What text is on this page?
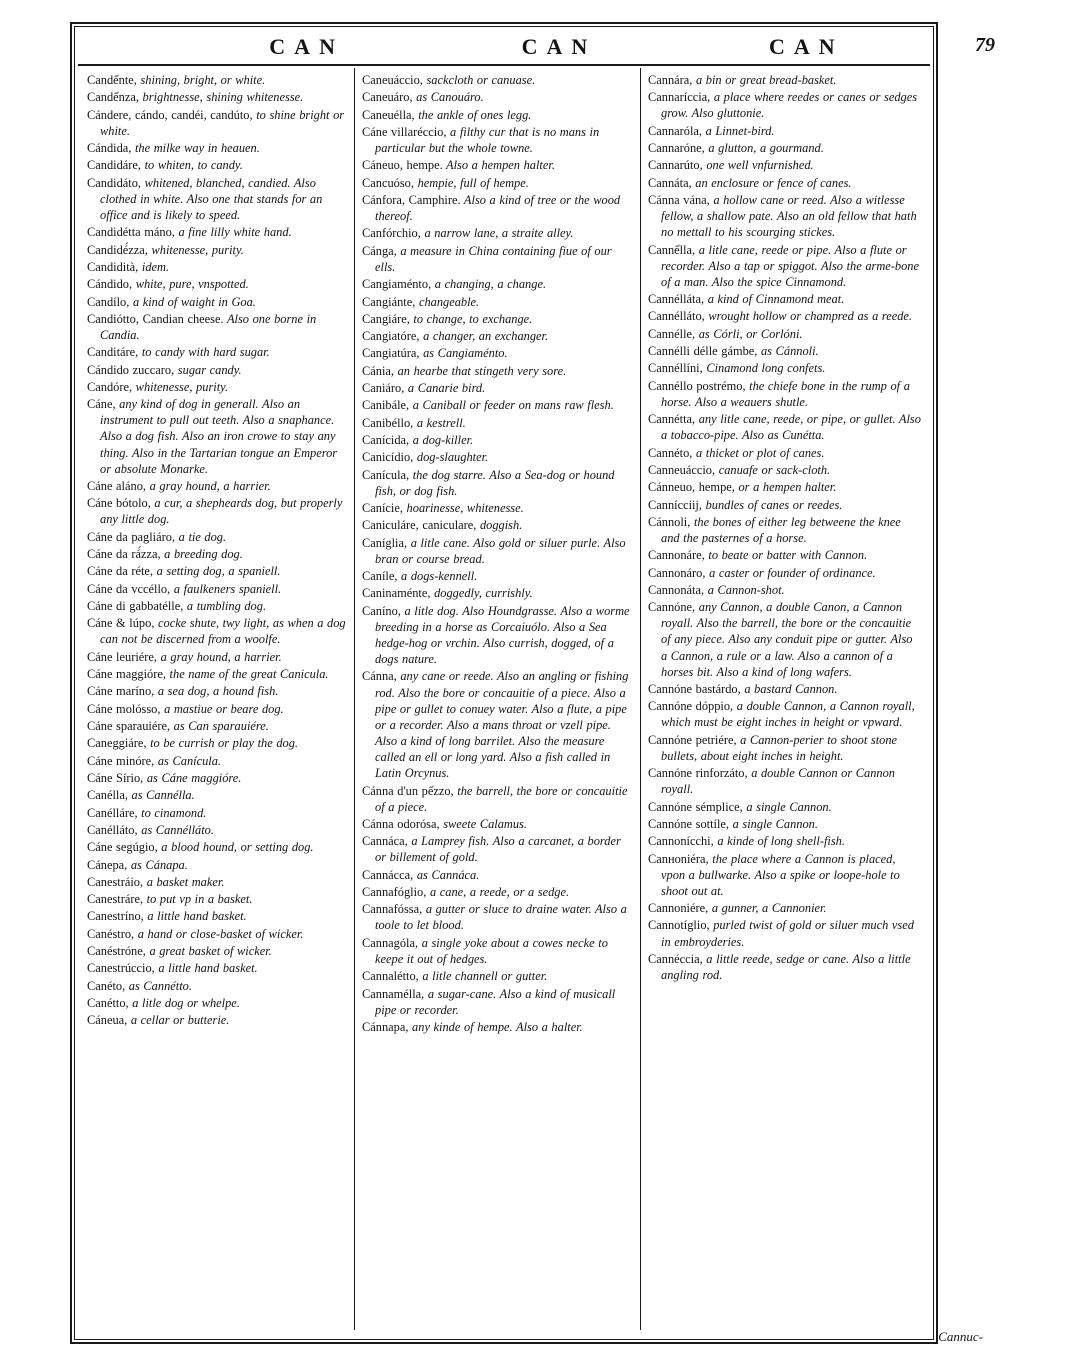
CAN	CAN	CAN	79

Candếnte, shining, bright, or white.

Candếnza, brightnesse, shining whitenesse.

Cándere, cándo, candéi, candúto, to shine bright or white.

Cándida, the milke way in heauen.

Candidáre, to whiten, to candy.

Candidáto, whitened, blanched, candied. Also clothed in white. Also one that stands for an office and is likely to speed.

Candidétta máno, a fine lilly white hand.

Candidé́zza, whitenesse, purity.

Candidità, idem.

Cándido, white, pure, vnspotted.

Candílo, a kind of waight in Goa.

Candiótto, Candian cheese. Also one borne in Candia.

Canditáre, to candy with hard sugar.

Cándido zuccaro, sugar candy.

Candóre, whitenesse, purity.

Cáne, any kind of dog in generall. Also an instrument to pull out teeth. Also a snaphance. Also a dog fish. Also an iron crowe to stay any thing. Also in the Tartarian tongue an Emperor or absolute Monarke.

Cáne aláno, a gray hound, a harrier.

Cáne bótolo, a cur, a shepheards dog, but properly any little dog.

Cáne da pagliáro, a tie dog.

Cáne da rá́zza, a breeding dog.

Cáne da réte, a setting dog, a spaniell.

Cáne da vccéllo, a faulkeners spaniell.

Cáne di gabbatélle, a tumbling dog.

Cáne & lúpo, cocke shute, twy light, as when a dog can not be discerned from a woolfe.

Cáne leuriére, a gray hound, a harrier.

Cáne maggióre, the name of the great Canicula.

Cáne maríno, a sea dog, a hound fish.

Cáne molósso, a mastiue or beare dog.

Cáne sparauiére, as Can sparauiére.

Caneggiáre, to be currish or play the dog.

Cáne minóre, as Canícula.

Cáne Sírio, as Cáne maggióre.

Canélla, as Cannélla.

Canélláre, to cinamond.

Canélláto, as Cannélláto.

Cáne segúgio, a blood hound, or setting dog.

Cánepa, as Cánapa.

Canestráio, a basket maker.

Canestráre, to put vp in a basket.

Canestríno, a little hand basket.

Canéstro, a hand or close-basket of wicker.

Canéstróne, a great basket of wicker.

Canestrúccio, a little hand basket.

Canéto, as Cannétto.

Canétto, a litle dog or whelpe.

Cáneua, a cellar or butterie.

Caneuáccio, sackcloth or canuase.

Caneuáro, as Canouáro.

Caneuélla, the ankle of ones legg.

Cáne villaréccio, a filthy cur that is no mans in particular but the whole towne.

Cáneuo, hempe. Also a hempen halter.

Cancuóso, hempie, full of hempe.

Cánfora, Camphire. Also a kind of tree or the wood thereof.

Canfórchio, a narrow lane, a straite alley.

Cánga, a measure in China containing fiue of our ells.

Cangiaménto, a changing, a change.

Cangiánte, changeable.

Cangiáre, to change, to exchange.

Cangiatóre, a changer, an exchanger.

Cangiatúra, as Cangiaménto.

Cánia, an hearbe that stingeth very sore.

Caniáro, a Canarie bird.

Canibále, a Caniball or feeder on mans raw flesh.

Canibéllo, a kestrell.

Canícida, a dog-killer.

Canicídio, dog-slaughter.

Canícula, the dog starre. Also a Sea-dog or hound fish, or dog fish.

Canície, hoarinesse, whitenesse.

Caniculáre, caniculare, doggish.

Caníglia, a litle cane. Also gold or siluer purle. Also bran or course bread.

Caníle, a dogs-kennell.

Caninaménte, doggedly, currishly.

Caníno, a litle dog. Also Houndgrasse. Also a worme breeding in a horse as Corcaiuólo. Also a Sea hedge-hog or vrchin. Also currish, dogged, of a dogs nature.

Cánna, any cane or reede. Also an angling or fishing rod. Also the bore or concauitie of a piece. Also a pipe or gullet to conuey water. Also a flute, a pipe or a recorder. Also a mans throat or vzell pipe. Also a kind of long barrilet. Also the measure called an ell or long yard. Also a fish called in Latin Orcynus.

Cánna d'un pếzzo, the barrell, the bore or concauitie of a piece.

Cánna odorósa, sweete Calamus.

Cannáca, a Lamprey fish. Also a carcanet, a border or billement of gold.

Cannácca, as Cannáca.

Cannafóglio, a cane, a reede, or a sedge.

Cannafóssa, a gutter or sluce to draine water. Also a toole to let blood.

Cannagóla, a single yoke about a cowes necke to keepe it out of hedges.

Cannalétto, a litle channell or gutter.

Cannamélla, a sugar-cane. Also a kind of musicall pipe or recorder.

Cánnapa, any kinde of hempe. Also a halter.

Cannára, a bin or great bread-basket.

Cannaríccia, a place where reedes or canes or sedges grow. Also gluttonie.

Cannaróla, a Linnet-bird.

Cannaróne, a glutton, a gourmand.

Cannarúto, one well vnfurnished.

Cannáta, an enclosure or fence of canes.

Cánna vána, a hollow cane or reed. Also a witlesse fellow, a shallow pate. Also an old fellow that hath no mettall to his scourging stickes.

Cannếlla, a litle cane, reede or pipe. Also a flute or recorder. Also a tap or spiggot. Also the arme-bone of a man. Also the spice Cinnamond.

Cannélláta, a kind of Cinnamond meat.

Cannélláto, wrought hollow or champred as a reede.

Cannélle, as Córli, or Corlóni.

Cannélli délle gámbe, as Cánnoli.

Cannéllíni, Cinamond long confets.

Cannéllo postrémo, the chiefe bone in the rump of a horse. Also a weauers shutle.

Cannétta, any litle cane, reede, or pipe, or gullet. Also a tobacco-pipe. Also as Cunétta.

Cannéto, a thicket or plot of canes.

Canneuáccio, canuafe or sack-cloth.

Cánneuo, hempe, or a hempen halter.

Cannícciĳ, bundles of canes or reedes.

Cánnoli, the bones of either leg betweene the knee and the pasternes of a horse.

Cannonáre, to beate or batter with Cannon.

Cannonáro, a caster or founder of ordinance.

Cannonáta, a Cannon-shot.

Cannóne, any Cannon, a double Canon, a Cannon royall. Also the barrell, the bore or the concauitie of any piece. Also any conduit pipe or gutter. Also a Cannon, a rule or a law. Also a cannon of a horses bit. Also a kind of long wafers.

Cannóne bastárdo, a bastard Cannon.

Cannóne dóppio, a double Cannon, a Cannon royall, which must be eight inches in height or vpward.

Cannóne petriére, a Cannon-perier to shoot stone bullets, about eight inches in height.

Cannóne rinforzáto, a double Cannon or Cannon royall.

Cannóne sémplice, a single Cannon.

Cannóne sottíle, a single Cannon.

Cannonícchi, a kinde of long shell-fish.

Canноniéra, the place where a Cannon is placed, vpon a bullwarke. Also a spike or loope-hole to shoot out at.

Cannoniére, a gunner, a Cannonier.

Cannotíglio, purled twist of gold or siluer much vsed in embroyderies.

Cannéccia, a little reede, sedge or cane. Also a little angling rod.

Cannuc-
